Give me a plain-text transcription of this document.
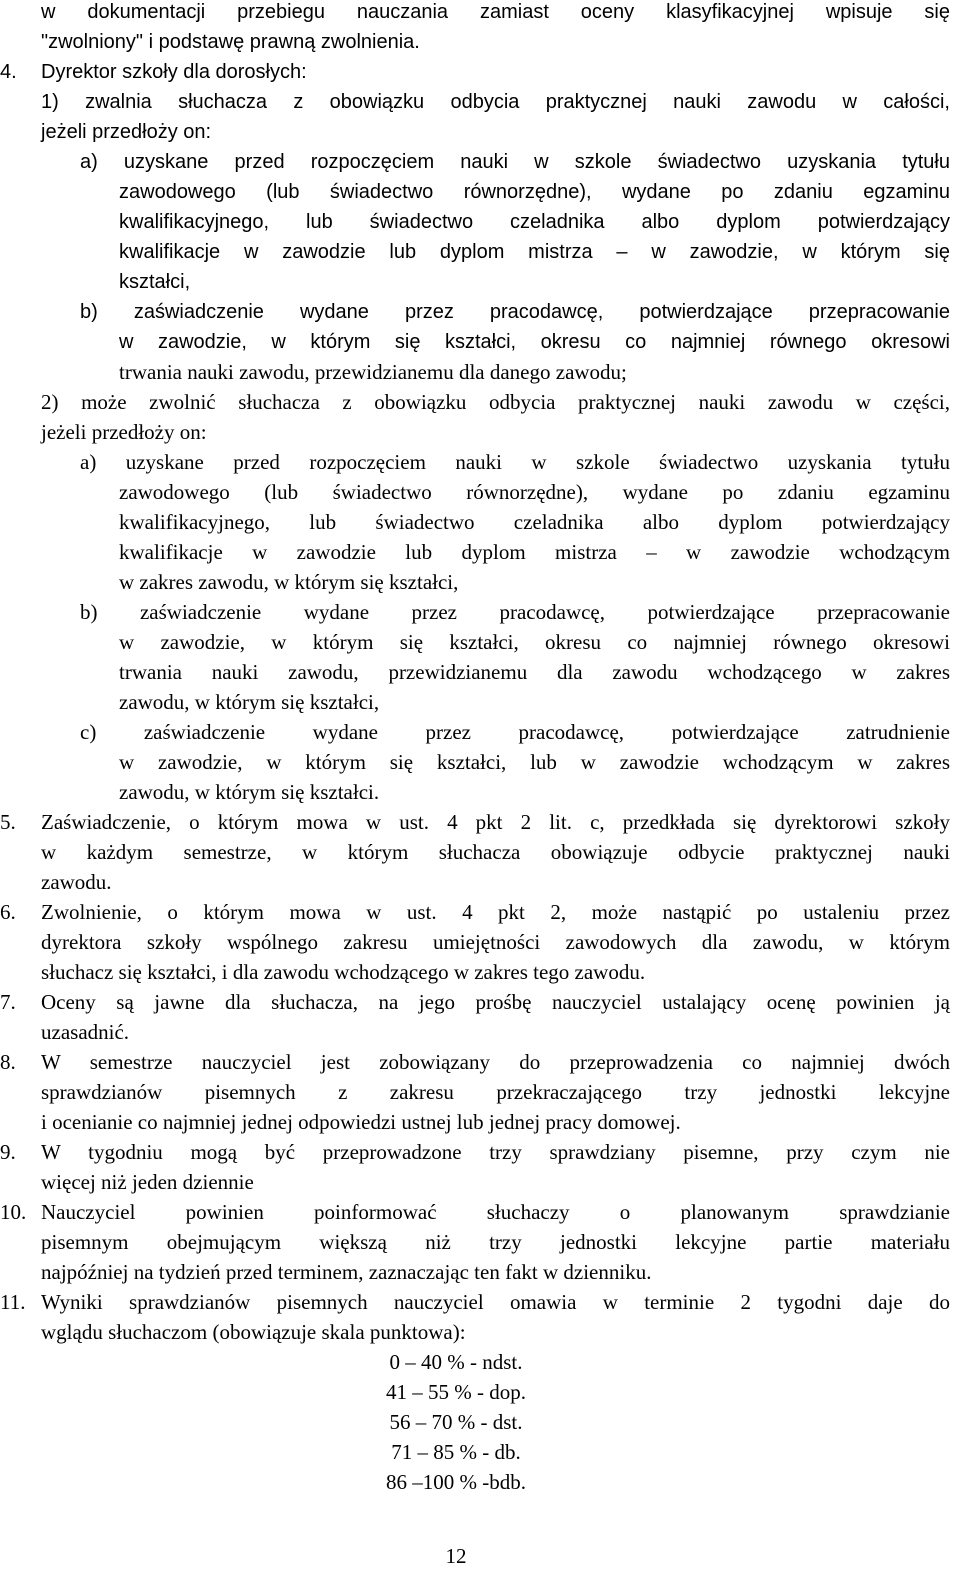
w dokumentacji przebiegu nauczania zamiast oceny klasyfikacyjnej wpisuje się
"zwolniony" i podstawę prawną zwolnienia.
4. Dyrektor szkoły dla dorosłych:
1) zwalnia słuchacza z obowiązku odbycia praktycznej nauki zawodu w całości,
jeżeli przedłoży on:
a) uzyskane przed rozpoczęciem nauki w szkole świadectwo uzyskania tytułu
zawodowego (lub świadectwo równorzędne), wydane po zdaniu egzaminu
kwalifikacyjnego, lub świadectwo czeladnika albo dyplom potwierdzający
kwalifikacje w zawodzie lub dyplom mistrza – w zawodzie, w którym się
kształci,
b) zaświadczenie wydane przez pracodawcę, potwierdzające przepracowanie
w zawodzie, w którym się kształci, okresu co najmniej równego okresowi
trwania nauki zawodu, przewidzianemu dla danego zawodu;
2) może zwolnić słuchacza z obowiązku odbycia praktycznej nauki zawodu w części,
jeżeli przedłoży on:
a) uzyskane przed rozpoczęciem nauki w szkole świadectwo uzyskania tytułu
zawodowego (lub świadectwo równorzędne), wydane po zdaniu egzaminu
kwalifikacyjnego, lub świadectwo czeladnika albo dyplom potwierdzający
kwalifikacje w zawodzie lub dyplom mistrza – w zawodzie wchodzącym
w zakres zawodu, w którym się kształci,
b) zaświadczenie wydane przez pracodawcę, potwierdzające przepracowanie
w zawodzie, w którym się kształci, okresu co najmniej równego okresowi
trwania nauki zawodu, przewidzianemu dla zawodu wchodzącego w zakres
zawodu, w którym się kształci,
c) zaświadczenie wydane przez pracodawcę, potwierdzające zatrudnienie
w zawodzie, w którym się kształci, lub w zawodzie wchodzącym w zakres
zawodu, w którym się kształci.
5. Zaświadczenie, o którym mowa w ust. 4 pkt 2 lit. c, przedkłada się dyrektorowi szkoły
w każdym semestrze, w którym słuchacza obowiązuje odbycie praktycznej nauki
zawodu.
6. Zwolnienie, o którym mowa w ust. 4 pkt 2, może nastąpić po ustaleniu przez
dyrektora szkoły wspólnego zakresu umiejętności zawodowych dla zawodu, w którym
słuchacz się kształci, i dla zawodu wchodzącego w zakres tego zawodu.
7. Oceny są jawne dla słuchacza, na jego prośbę nauczyciel ustalający ocenę powinien ją
uzasadnić.
8. W semestrze nauczyciel jest zobowiązany do przeprowadzenia co najmniej dwóch
sprawdzianów pisemnych z zakresu przekraczającego trzy jednostki lekcyjne
i ocenianie co najmniej jednej odpowiedzi ustnej lub jednej pracy domowej.
9. W tygodniu mogą być przeprowadzone trzy sprawdziany pisemne, przy czym nie
więcej niż jeden dziennie
10. Nauczyciel powinien poinformować słuchaczy o planowanym sprawdzianie
pisemnym obejmującym większą niż trzy jednostki lekcyjne partie materiału
najpóźniej na tydzień przed terminem, zaznaczając ten fakt w dzienniku.
11. Wyniki sprawdzianów pisemnych nauczyciel omawia w terminie 2 tygodni daje do
wglądu słuchaczom (obowiązuje skala punktowa):
0 – 40 % - ndst.
41 – 55 % - dop.
56 – 70 % - dst.
71 – 85 % - db.
86 –100 % -bdb.
12
